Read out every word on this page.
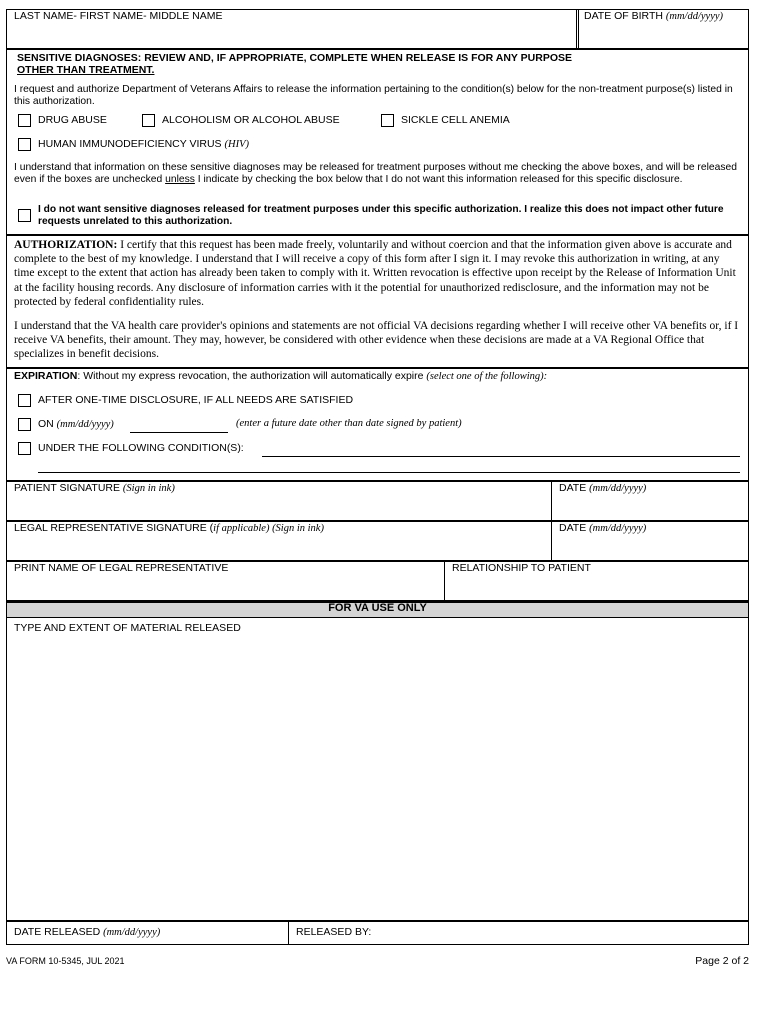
LAST NAME- FIRST NAME- MIDDLE NAME	DATE OF BIRTH (mm/dd/yyyy)
SENSITIVE DIAGNOSES: REVIEW AND, IF APPROPRIATE, COMPLETE WHEN RELEASE IS FOR ANY PURPOSE
OTHER THAN TREATMENT.
I request and authorize Department of Veterans Affairs to release the information pertaining to the condition(s) below for the non-treatment purpose(s) listed in this authorization.
DRUG ABUSE	ALCOHOLISM OR ALCOHOL ABUSE	SICKLE CELL ANEMIA
HUMAN IMMUNODEFICIENCY VIRUS (HIV)
I understand that information on these sensitive diagnoses may be released for treatment purposes without me checking the above boxes, and will be released even if the boxes are unchecked unless I indicate by checking the box below that I do not want this information released for this specific disclosure.
I do not want sensitive diagnoses released for treatment purposes under this specific authorization. I realize this does not impact other future requests unrelated to this authorization.
AUTHORIZATION: I certify that this request has been made freely, voluntarily and without coercion and that the information given above is accurate and complete to the best of my knowledge. I understand that I will receive a copy of this form after I sign it. I may revoke this authorization in writing, at any time except to the extent that action has already been taken to comply with it. Written revocation is effective upon receipt by the Release of Information Unit at the facility housing records. Any disclosure of information carries with it the potential for unauthorized redisclosure, and the information may not be protected by federal confidentiality rules.
I understand that the VA health care provider's opinions and statements are not official VA decisions regarding whether I will receive other VA benefits or, if I receive VA benefits, their amount. They may, however, be considered with other evidence when these decisions are made at a VA Regional Office that specializes in benefit decisions.
EXPIRATION: Without my express revocation, the authorization will automatically expire (select one of the following):
AFTER ONE-TIME DISCLOSURE, IF ALL NEEDS ARE SATISFIED
ON (mm/dd/yyyy)	(enter a future date other than date signed by patient)
UNDER THE FOLLOWING CONDITION(S):
PATIENT SIGNATURE (Sign in ink)	DATE (mm/dd/yyyy)
LEGAL REPRESENTATIVE SIGNATURE (if applicable) (Sign in ink)	DATE (mm/dd/yyyy)
PRINT NAME OF LEGAL REPRESENTATIVE	RELATIONSHIP TO PATIENT
FOR VA USE ONLY
TYPE AND EXTENT OF MATERIAL RELEASED
DATE RELEASED (mm/dd/yyyy)	RELEASED BY:
VA FORM 10-5345, JUL 2021	Page 2 of 2
